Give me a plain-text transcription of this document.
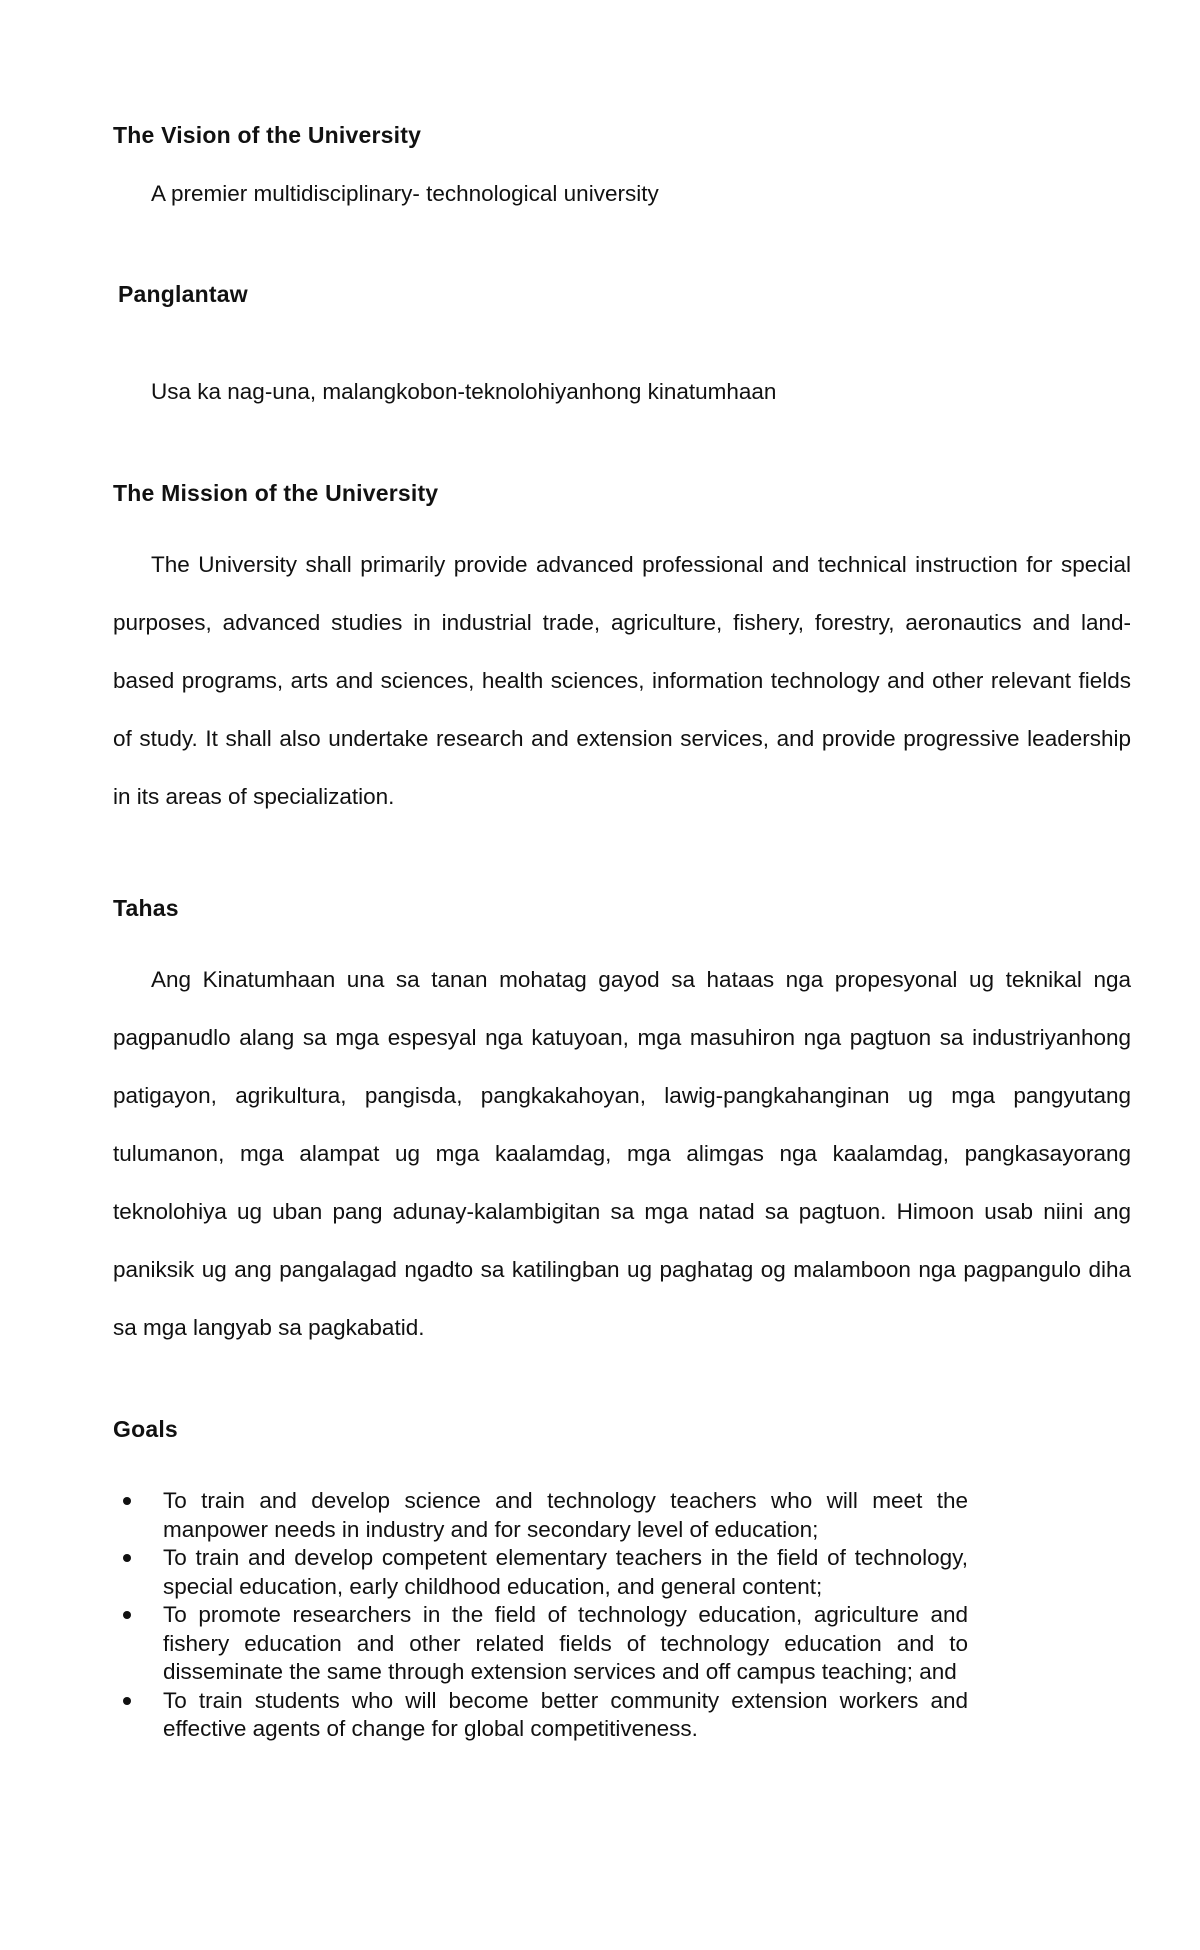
The Vision of the University

A premier multidisciplinary- technological university

Panglantaw

Usa ka nag-una, malangkobon-teknolohiyanhong kinatumhaan

The Mission of the University

The University shall primarily provide advanced professional and technical instruction for special purposes, advanced studies in industrial trade, agriculture, fishery, forestry, aeronautics and land-based programs, arts and sciences, health sciences, information technology and other relevant fields of study. It shall also undertake research and extension services, and provide progressive leadership in its areas of specialization.

Tahas

Ang Kinatumhaan una sa tanan mohatag gayod sa hataas nga propesyonal ug teknikal nga pagpanudlo alang sa mga espesyal nga katuyoan, mga masuhiron nga pagtuon sa industriyanhong patigayon, agrikultura, pangisda, pangkakahoyan, lawig-pangkahanginan ug mga pangyutang tulumanon, mga alampat ug mga kaalamdag, mga alimgas nga kaalamdag, pangkasayorang teknolohiya ug uban pang adunay-kalambigitan sa mga natad sa pagtuon. Himoon usab niini ang paniksik ug ang pangalagad ngadto sa katilingban ug paghatag og malamboon nga pagpangulo diha sa mga langyab sa pagkabatid.

Goals
To train and develop science and technology teachers who will meet the manpower needs in industry and for secondary level of education;
To train and develop competent elementary teachers in the field of technology, special education, early childhood education, and general content;
To promote researchers in the field of technology education, agriculture and fishery education and other related fields of technology education and to disseminate the same through extension services and off campus teaching; and
To train students who will become better community extension workers and effective agents of change for global competitiveness.
